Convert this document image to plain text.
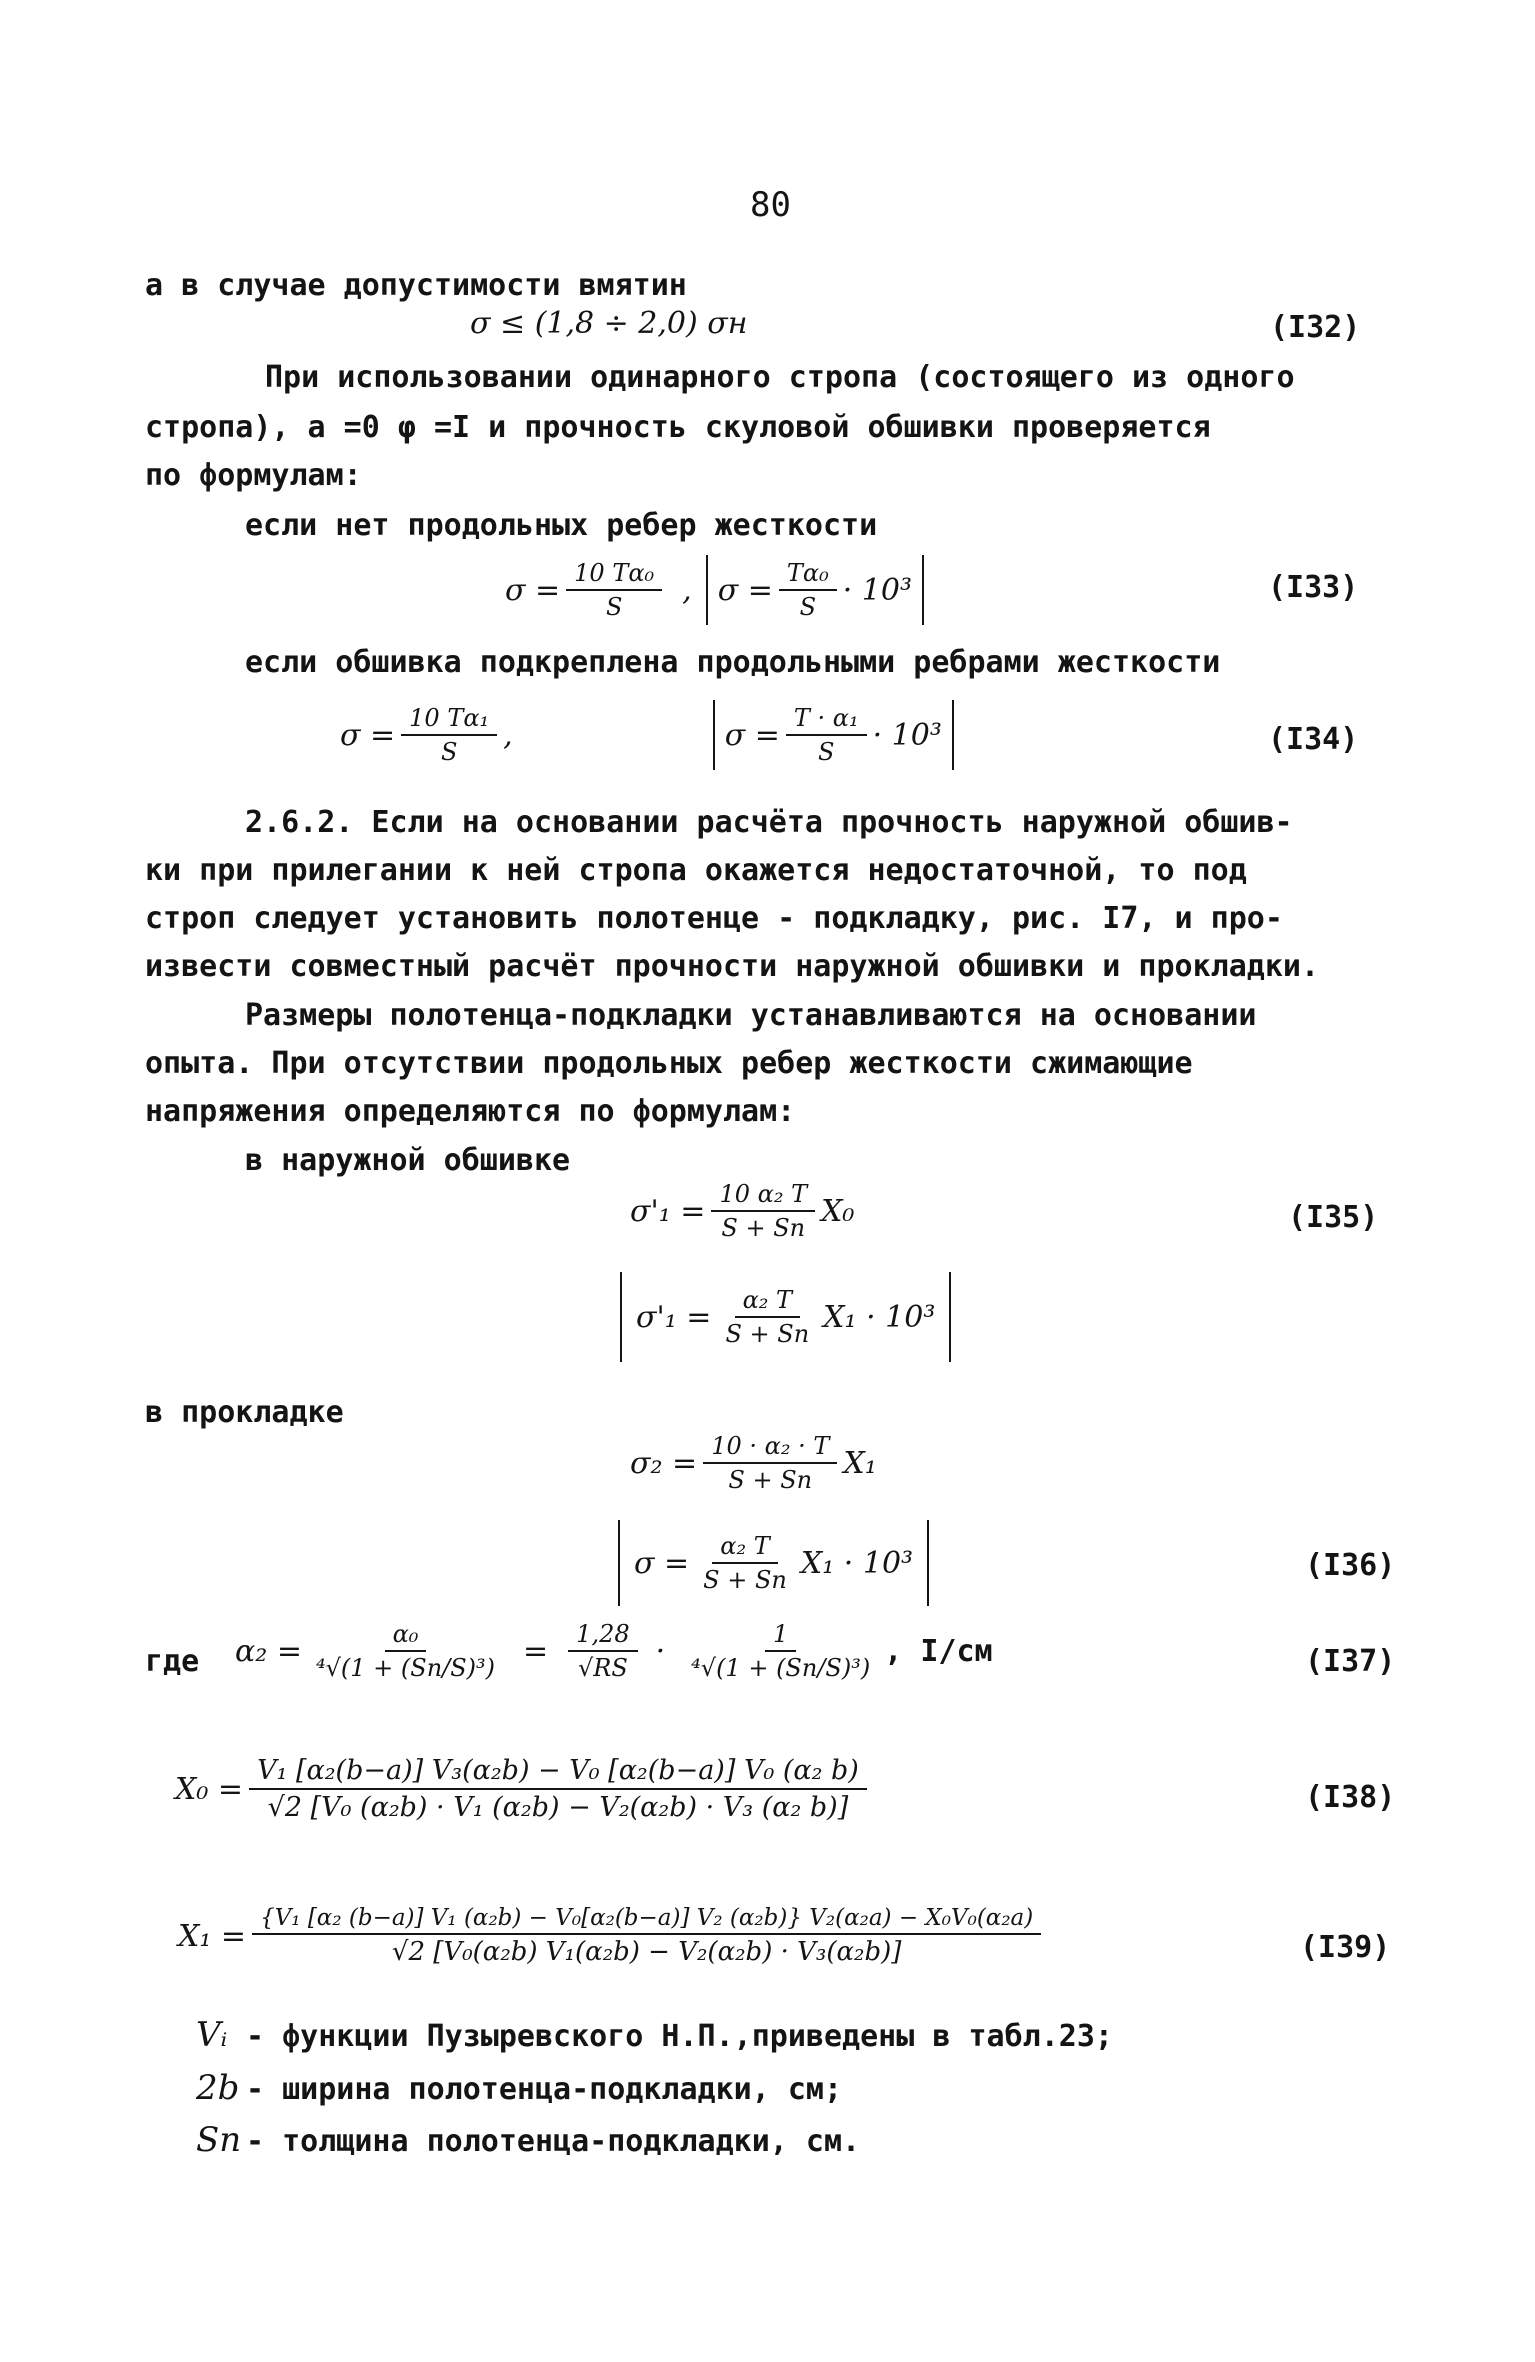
80
а в случае допустимости вмятин
σ ≤ (1,8 ÷ 2,0) σн	(I32)
При использовании одинарного стропа (состоящего из одного
стропа), a =0 φ =I и прочность скуловой обшивки проверяется
по формулам:
если нет продольных ребер жесткости
$\sigma = \frac{\text{10 Tα₀}}{S}$ , $\sigma = \frac{\text{Tα₀}}{S} \cdot 10^3$	(I33)
если обшивка подкреплена продольными ребрами жесткости
$\sigma = \frac{\text{10 Tα₁}}{S}$ ,	$\sigma = \frac{\text{T · α₁}}{S} \cdot 10^3$	(I34)
2.6.2. Если на основании расчёта прочность наружной обшив-
ки при прилегании к ней стропа окажется недостаточной, то под
строп следует установить полотенце - подкладку, рис. I7, и про-
извести совместный расчёт прочности наружной обшивки и прокладки.
Размеры полотенца-подкладки устанавливаются на основании
опыта. При отсутствии продольных ребер жесткости сжимающие
напряжения определяются по формулам:
в наружной обшивке
$\sigma'_1 = \frac{\text{10 α₂ T}}{S + Sп} X_0$	(I35)
$\sigma'_1 = \frac{\text{α₂ T}}{S + Sп} X_1 \cdot 10^3$
в прокладке
$\sigma_2 = \frac{\text{10 · α₂ · T}}{S + Sп} X_1$
$\sigma = \frac{\text{α₂ T}}{S + Sп} X_1 \cdot 10^3$	(I36)
где $\alpha_2 = \frac{\text{α₀}}{\text{⁴√(1 + (Sп/S)³)}} = \frac{1,28}{√RS} \cdot \frac{1}{\text{⁴√(1 + (Sп/S)³)}}$ , I/см	(I37)
$X_0 = \frac{\text{V₁ [α₂(b−a)] V₃(α₂b) − V₀ [α₂(b−a)] V₀ (α₂ b)}}{\text{√2 [V₀ (α₂b) · V₁ (α₂b) − V₂(α₂b) · V₃ (α₂ b)]}}$	(I38)
X₁ =
{V₁ [α₂ (b−a)] V₁ (α₂b) − V₀[α₂(b−a)] V₂ (α₂b)} V₂(α₂a) − X₀V₀(α₂a)
√2 [V₀(α₂b) V₁(α₂b) − V₂(α₂b) · V₃(α₂b)]	(I39)
Vᵢ - функции Пузыревского Н.П.,приведены в табл.23;
2b - ширина полотенца-подкладки, см;
Sп - толщина полотенца-подкладки, см.
